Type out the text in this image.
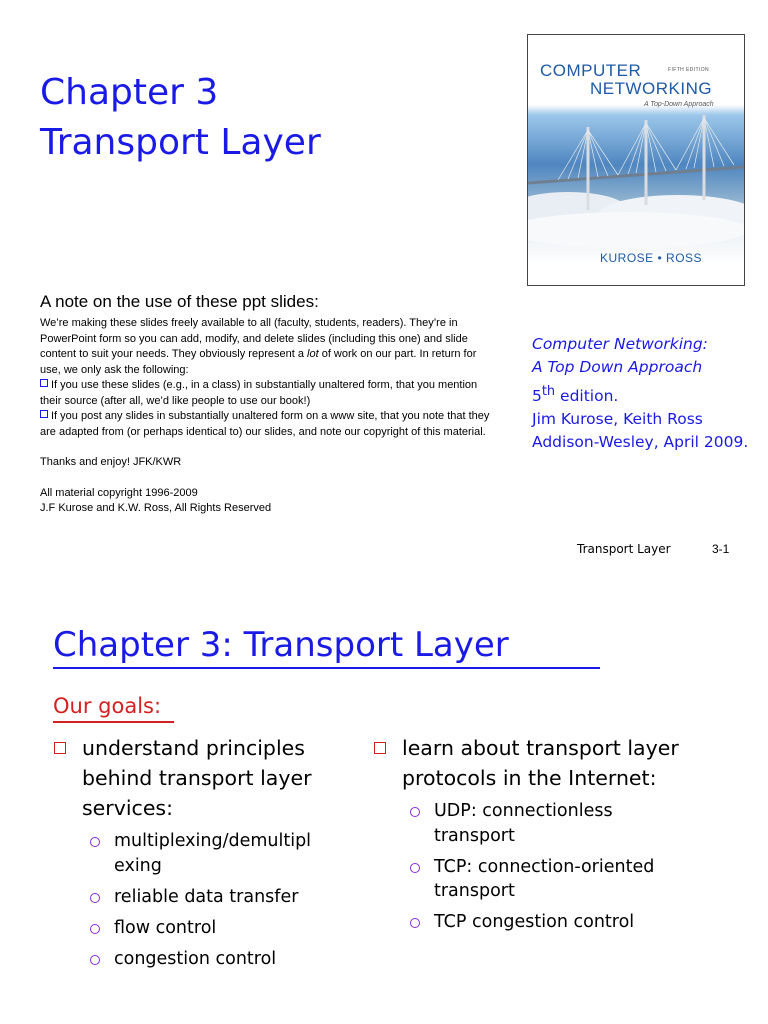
Chapter 3
Transport Layer
COMPUTER	FIFTH EDITION
NETWORKING
A Top-Down Approach
KUROSE • ROSS
A note on the use of these ppt slides:

We’re making these slides freely available to all (faculty, students, readers). They’re in PowerPoint form so you can add, modify, and delete slides (including this one) and slide content to suit your needs. They obviously represent a lot of work on our part. In return for use, we only ask the following:

If you use these slides (e.g., in a class) in substantially unaltered form, that you mention their source (after all, we’d like people to use our book!)

If you post any slides in substantially unaltered form on a www site, that you note that they are adapted from (or perhaps identical to) our slides, and note our copyright of this material.

Thanks and enjoy! JFK/KWR

All material copyright 1996-2009

J.F Kurose and K.W. Ross, All Rights Reserved

Computer Networking:

A Top Down Approach

5th edition.

Jim Kurose, Keith Ross

Addison-Wesley, April 2009.

Transport Layer	3-1
Chapter 3: Transport Layer
Our goals:
understand principles behind transport layer services:
multiplexing/demultipl exing
reliable data transfer
flow control
congestion control
learn about transport layer protocols in the Internet:
UDP: connectionless transport
TCP: connection-oriented transport
TCP congestion control
